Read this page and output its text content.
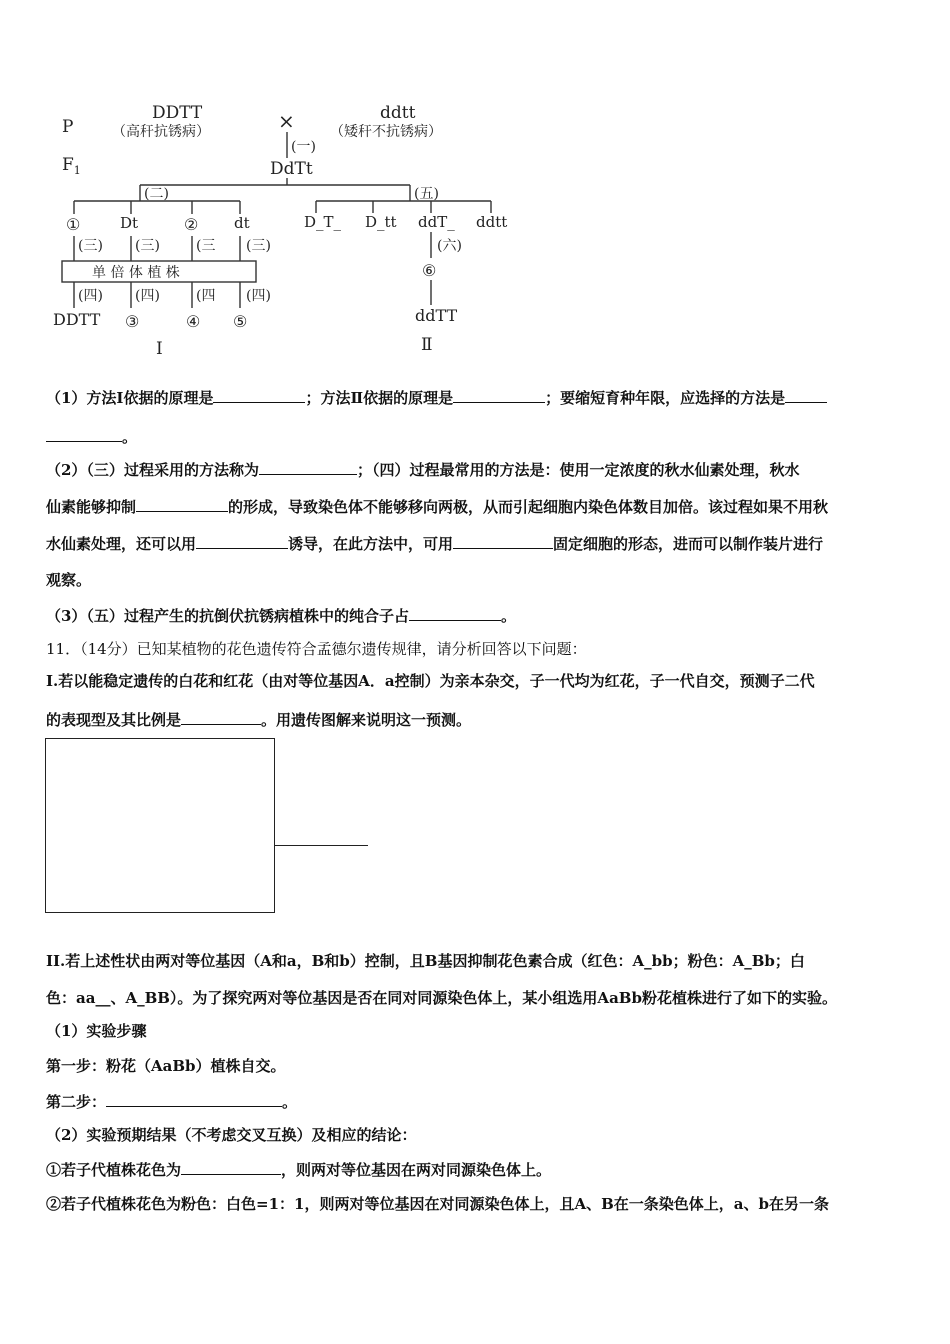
P
$F_1$
DDTT
（高秆抗锈病）	×	ddtt
（矮秆不抗锈病）
(一)
DdTt
(二)
①	Dt	② dt
(三) (三)	(三 (三)
单 倍 体 植 株
(四) (四)	(四 (四)
DDTT ③	④ ⑤
I
(五)
D_T_ D_tt ddT_ ddtt
(六)
⑥
ddTT
Ⅱ
（1）方法Ⅰ依据的原理是	；方法Ⅱ依据的原理是	；要缩短育种年限，应选择的方法是
。
（2）（三）过程采用的方法称为	；（四）过程最常用的方法是：使用一定浓度的秋水仙素处理，秋水
仙素能够抑制	的形成，导致染色体不能够移向两极，从而引起细胞内染色体数目加倍。该过程如果不用秋
水仙素处理，还可以用	诱导，在此方法中，可用	固定细胞的形态，进而可以制作装片进行
观察。
（3）（五）过程产生的抗倒伏抗锈病植株中的纯合子占	。
11．（14分）已知某植物的花色遗传符合孟德尔遗传规律，请分析回答以下问题：
I.若以能稳定遗传的白花和红花（由对等位基因A．a控制）为亲本杂交，子一代均为红花，子一代自交，预测子二代
的表现型及其比例是	。用遗传图解来说明这一预测。
II.若上述性状由两对等位基因（A和a，B和b）控制，且B基因抑制花色素合成（红色：A_bb；粉色：A_Bb；白
色：aa__、A_BB）。为了探究两对等位基因是否在同对同源染色体上，某小组选用AaBb粉花植株进行了如下的实验。
（1）实验步骤
第一步：粉花（AaBb）植株自交。
第二步：	。
（2）实验预期结果（不考虑交叉互换）及相应的结论：
①若子代植株花色为	，则两对等位基因在两对同源染色体上。
②若子代植株花色为粉色：白色=1：1，则两对等位基因在对同源染色体上，且A、B在一条染色体上，a、b在另一条
